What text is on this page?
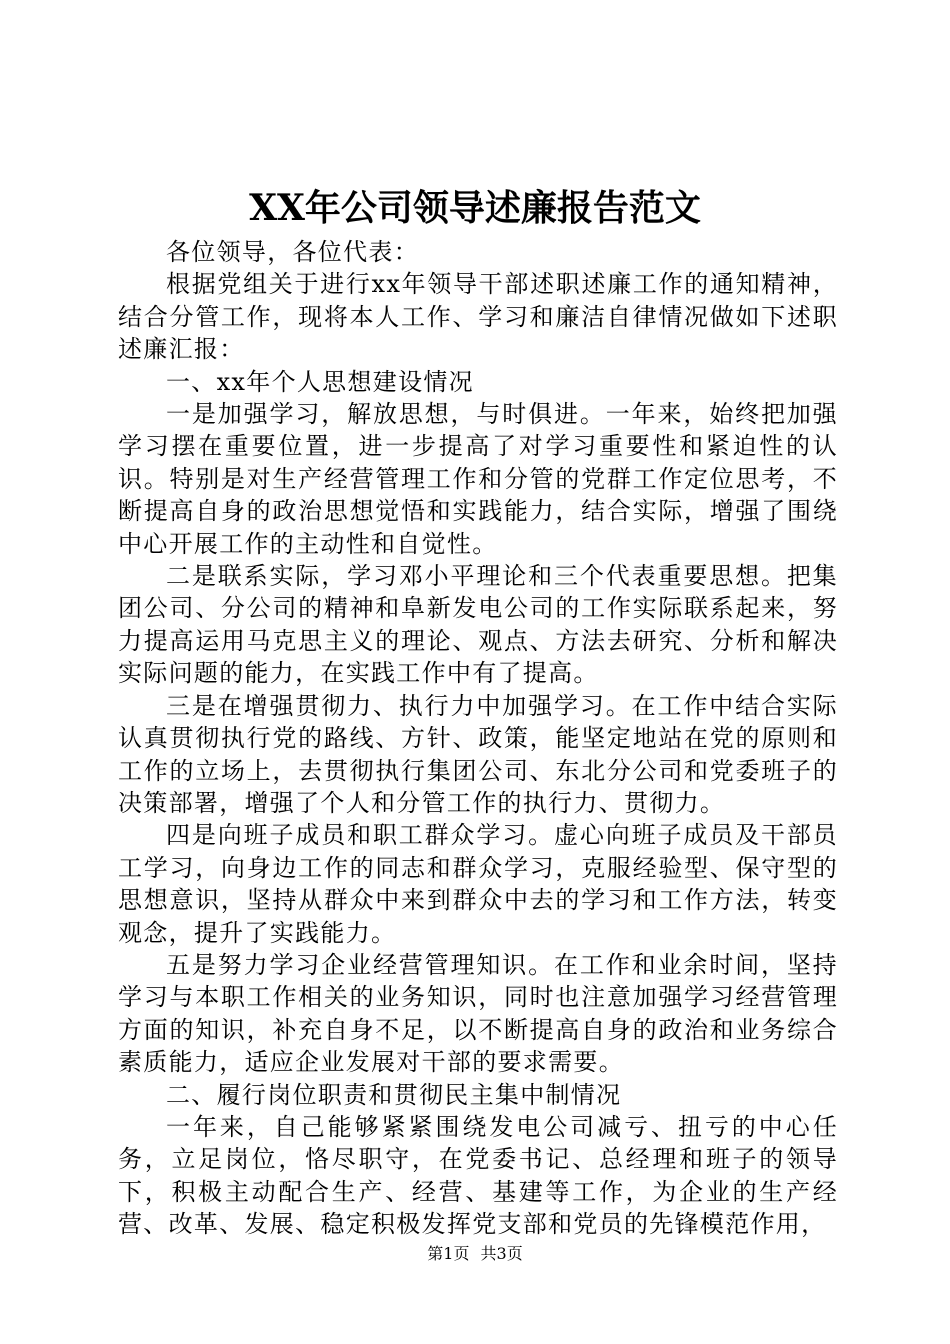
XX年公司领导述廉报告范文

各位领导，各位代表：

根据党组关于进行xx年领导干部述职述廉工作的通知精神，结合分管工作，现将本人工作、学习和廉洁自律情况做如下述职述廉汇报：

一、xx年个人思想建设情况

一是加强学习，解放思想，与时俱进。一年来，始终把加强学习摆在重要位置，进一步提高了对学习重要性和紧迫性的认识。特别是对生产经营管理工作和分管的党群工作定位思考，不断提高自身的政治思想觉悟和实践能力，结合实际，增强了围绕中心开展工作的主动性和自觉性。

二是联系实际，学习邓小平理论和三个代表重要思想。把集团公司、分公司的精神和阜新发电公司的工作实际联系起来，努力提高运用马克思主义的理论、观点、方法去研究、分析和解决实际问题的能力，在实践工作中有了提高。

三是在增强贯彻力、执行力中加强学习。在工作中结合实际认真贯彻执行党的路线、方针、政策，能坚定地站在党的原则和工作的立场上，去贯彻执行集团公司、东北分公司和党委班子的决策部署，增强了个人和分管工作的执行力、贯彻力。

四是向班子成员和职工群众学习。虚心向班子成员及干部员工学习，向身边工作的同志和群众学习，克服经验型、保守型的思想意识，坚持从群众中来到群众中去的学习和工作方法，转变观念，提升了实践能力。

五是努力学习企业经营管理知识。在工作和业余时间，坚持学习与本职工作相关的业务知识，同时也注意加强学习经营管理方面的知识，补充自身不足，以不断提高自身的政治和业务综合素质能力，适应企业发展对干部的要求需要。

二、履行岗位职责和贯彻民主集中制情况

一年来，自己能够紧紧围绕发电公司减亏、扭亏的中心任务，立足岗位，恪尽职守，在党委书记、总经理和班子的领导下，积极主动配合生产、经营、基建等工作，为企业的生产经营、改革、发展、稳定积极发挥党支部和党员的先锋模范作用，

第1页 共3页
